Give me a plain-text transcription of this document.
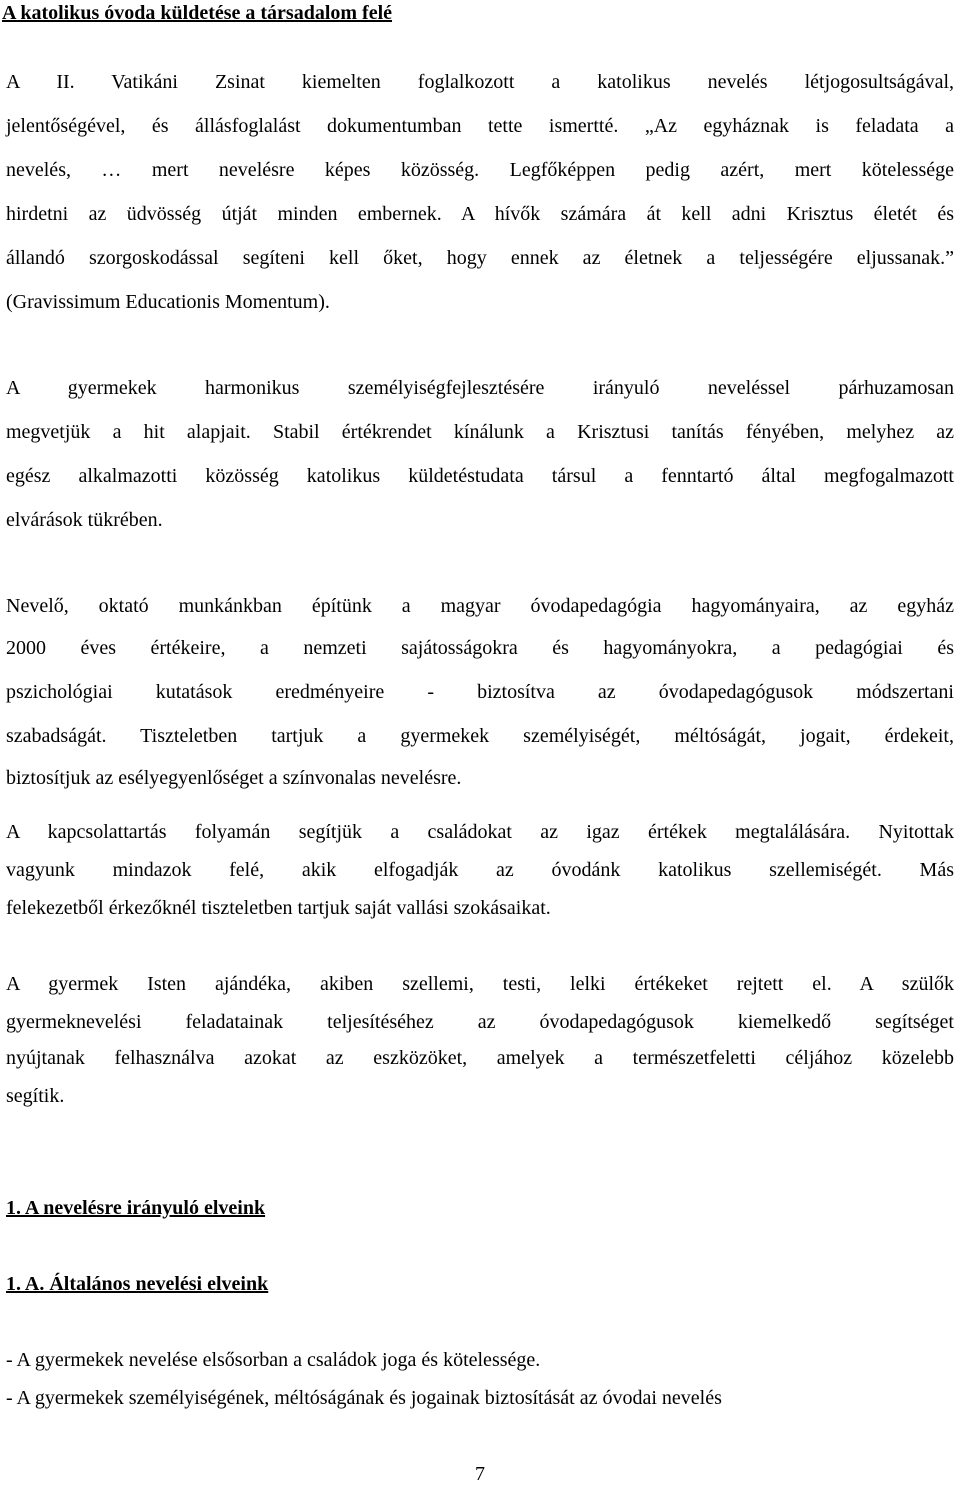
A katolikus óvoda küldetése a társadalom felé

A II. Vatikáni Zsinat kiemelten foglalkozott a katolikus nevelés létjogosultságával,

jelentőségével, és állásfoglalást dokumentumban tette ismertté. „Az egyháznak is feladata a

nevelés, … mert nevelésre képes közösség. Legfőképpen pedig azért, mert kötelessége

hirdetni az üdvösség útját minden embernek. A hívők számára át kell adni Krisztus életét és

állandó szorgoskodással segíteni kell őket, hogy ennek az életnek a teljességére eljussanak.”

(Gravissimum Educationis Momentum).

A gyermekek harmonikus személyiségfejlesztésére irányuló neveléssel párhuzamosan

megvetjük a hit alapjait. Stabil értékrendet kínálunk a Krisztusi tanítás fényében, melyhez az

egész alkalmazotti közösség katolikus küldetéstudata társul a fenntartó által megfogalmazott

elvárások tükrében.

Nevelő, oktató munkánkban építünk a magyar óvodapedagógia hagyományaira, az egyház

2000 éves értékeire, a nemzeti sajátosságokra és hagyományokra, a pedagógiai és

pszichológiai kutatások eredményeire - biztosítva az óvodapedagógusok módszertani

szabadságát. Tiszteletben tartjuk a gyermekek személyiségét, méltóságát, jogait, érdekeit,

biztosítjuk az esélyegyenlőséget a színvonalas nevelésre.

A kapcsolattartás folyamán segítjük a családokat az igaz értékek megtalálására. Nyitottak

vagyunk mindazok felé, akik elfogadják az óvodánk katolikus szellemiségét. Más

felekezetből érkezőknél tiszteletben tartjuk saját vallási szokásaikat.

A gyermek Isten ajándéka, akiben szellemi, testi, lelki értékeket rejtett el. A szülők

gyermeknevelési feladatainak teljesítéséhez az óvodapedagógusok kiemelkedő segítséget

nyújtanak felhasználva azokat az eszközöket, amelyek a természetfeletti céljához közelebb

segítik.

1. A nevelésre irányuló elveink
1. A. Általános nevelési elveink

- A gyermekek nevelése elsősorban a családok joga és kötelessége.

- A gyermekek személyiségének, méltóságának és jogainak biztosítását az óvodai nevelés

7
